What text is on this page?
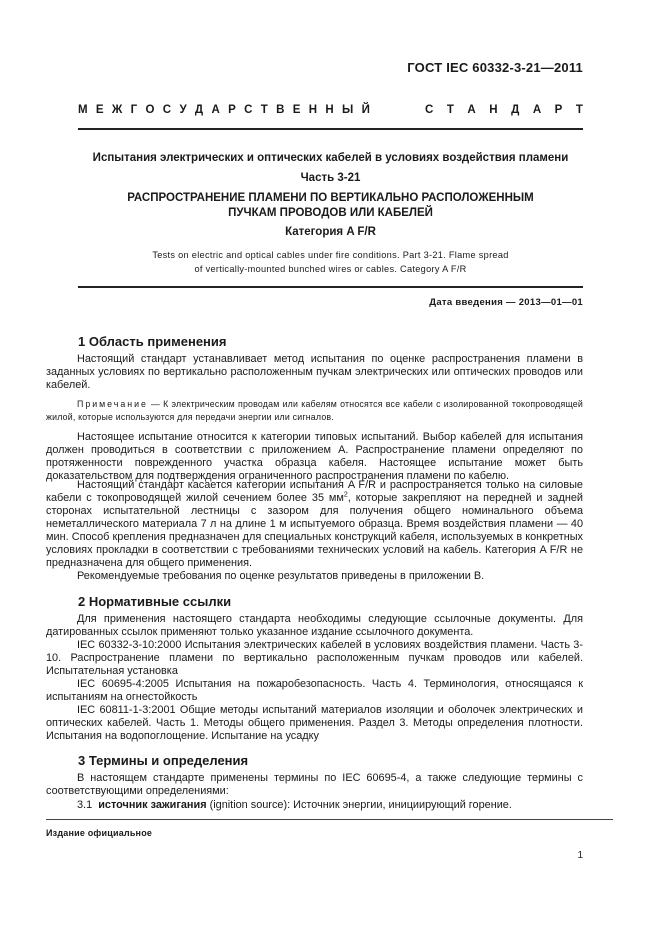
ГОСТ IEC 60332-3-21—2011
М Е Ж Г О С У Д А Р С Т В Е Н Н Ы Й	С Т А Н Д А Р Т
Испытания электрических и оптических кабелей в условиях воздействия пламени
Часть 3-21
РАСПРОСТРАНЕНИЕ ПЛАМЕНИ ПО ВЕРТИКАЛЬНО РАСПОЛОЖЕННЫМ
ПУЧКАМ ПРОВОДОВ ИЛИ КАБЕЛЕЙ
Категория A F/R
Tests on electric and optical cables under fire conditions. Part 3-21. Flame spread
of vertically-mounted bunched wires or cables. Category A F/R
Дата введения — 2013—01—01
1 Область применения
Настоящий стандарт устанавливает метод испытания по оценке распространения пламени в заданных условиях по вертикально расположенным пучкам электрических или оптических проводов или кабелей.
Примечание — К электрическим проводам или кабелям относятся все кабели с изолированной токопроводящей жилой, которые используются для передачи энергии или сигналов.
Настоящее испытание относится к категории типовых испытаний. Выбор кабелей для испытания должен проводиться в соответствии с приложением А. Распространение пламени определяют по протяженности поврежденного участка образца кабеля. Настоящее испытание может быть доказательством для подтверждения ограниченного распространения пламени по кабелю.
Настоящий стандарт касается категории испытания A F/R и распространяется только на силовые кабели с токопроводящей жилой сечением более 35 $мм^2$, которые закрепляют на передней и задней сторонах испытательной лестницы с зазором для получения общего номинального объема неметаллического материала 7 л на длине 1 м испытуемого образца. Время воздействия пламени — 40 мин. Способ крепления предназначен для специальных конструкций кабеля, используемых в конкретных условиях прокладки в соответствии с требованиями технических условий на кабель. Категория A F/R не предназначена для общего применения.
Рекомендуемые требования по оценке результатов приведены в приложении В.
2 Нормативные ссылки
Для применения настоящего стандарта необходимы следующие ссылочные документы. Для датированных ссылок применяют только указанное издание ссылочного документа.
IEC 60332-3-10:2000 Испытания электрических кабелей в условиях воздействия пламени. Часть 3-10. Распространение пламени по вертикально расположенным пучкам проводов или кабелей. Испытательная установка
IEC 60695-4:2005 Испытания на пожаробезопасность. Часть 4. Терминология, относящаяся к испытаниям на огнестойкость
IEC 60811-1-3:2001 Общие методы испытаний материалов изоляции и оболочек электрических и оптических кабелей. Часть 1. Методы общего применения. Раздел 3. Методы определения плотности. Испытания на водопоглощение. Испытание на усадку
3 Термины и определения
В настоящем стандарте применены термины по IEC 60695-4, а также следующие термины с соответствующими определениями:
3.1 источник зажигания (ignition source): Источник энергии, инициирующий горение.
Издание официальное
1
